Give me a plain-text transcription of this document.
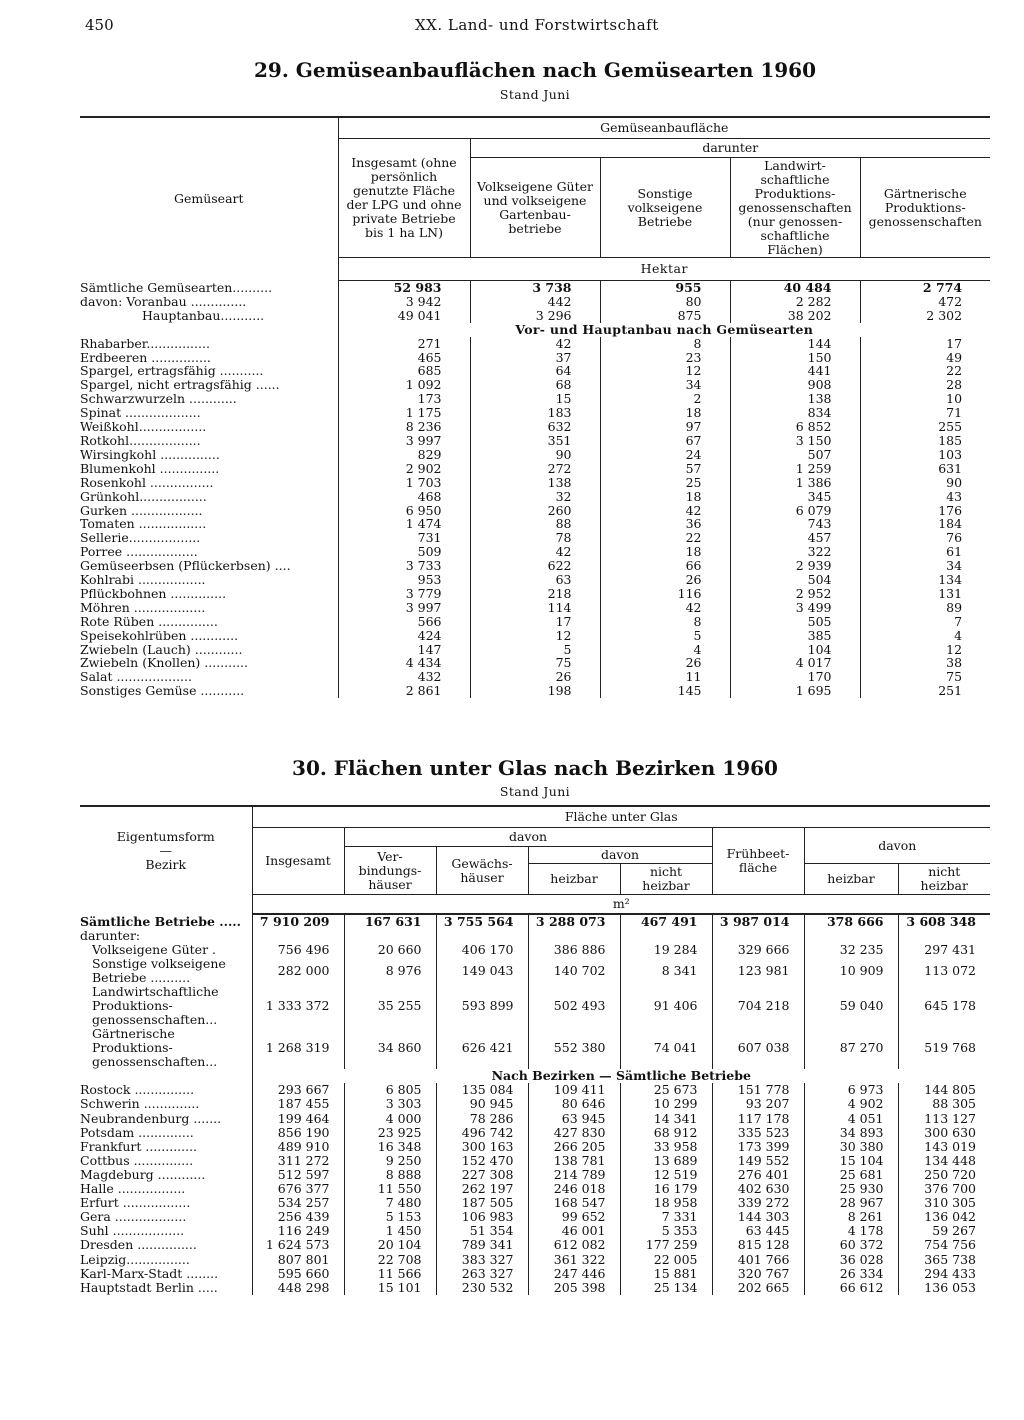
450	XX. Land- und Forstwirtschaft
29. Gemüseanbauflächen nach Gemüsearten 1960
Stand Juni
Gemüseart	Gemüseanbaufläche				
	Insgesamt (ohne persönlich genutzte Fläche der LPG und ohne private Betriebe bis 1 ha LN)	darunter			
		Volkseigene Güter und volkseigene Gartenbau-betriebe	Sonstige volkseigene Betriebe	Landwirt-schaftliche Produktions-genossenschaften (nur genossen-schaftliche Flächen)	Gärtnerische Produktions-genossenschaften
	Hektar				
Sämtliche Gemüsearten..........	52 983	3 738	955	40 484	2 774
davon: Voranbau ..............	3 942	442	80	2 282	472
Hauptanbau...........	49 041	3 296	875	38 202	2 302
	Vor- und Hauptanbau nach Gemüsearten				
Rhabarber................	271	42	8	144	17
Erdbeeren ...............	465	37	23	150	49
Spargel, ertragsfähig ...........	685	64	12	441	22
Spargel, nicht ertragsfähig ......	1 092	68	34	908	28
Schwarzwurzeln ............	173	15	2	138	10
Spinat ...................	1 175	183	18	834	71
Weißkohl.................	8 236	632	97	6 852	255
Rotkohl..................	3 997	351	67	3 150	185
Wirsingkohl ...............	829	90	24	507	103
Blumenkohl ...............	2 902	272	57	1 259	631
Rosenkohl ................	1 703	138	25	1 386	90
Grünkohl.................	468	32	18	345	43
Gurken ..................	6 950	260	42	6 079	176
Tomaten .................	1 474	88	36	743	184
Sellerie..................	731	78	22	457	76
Porree ..................	509	42	18	322	61
Gemüseerbsen (Pflückerbsen) ....	3 733	622	66	2 939	34
Kohlrabi .................	953	63	26	504	134
Pflückbohnen ..............	3 779	218	116	2 952	131
Möhren ..................	3 997	114	42	3 499	89
Rote Rüben ...............	566	17	8	505	7
Speisekohlrüben ............	424	12	5	385	4
Zwiebeln (Lauch) ............	147	5	4	104	12
Zwiebeln (Knollen) ...........	4 434	75	26	4 017	38
Salat ...................	432	26	11	170	75
Sonstiges Gemüse ...........	2 861	198	145	1 695	251
30. Flächen unter Glas nach Bezirken 1960
Stand Juni
Eigentumsform
—
Bezirk	Fläche unter Glas							
	Insgesamt	davon				Frühbeet-fläche	davon	
		Ver-bindungs-häuser	Gewächs-häuser	davon				
				heizbar	nicht heizbar		heizbar	nicht heizbar
	m²							
Sämtliche Betriebe .....	7 910 209	167 631	3 755 564	3 288 073	467 491	3 987 014	378 666	3 608 348
darunter:								
Volkseigene Güter .	756 496	20 660	406 170	386 886	19 284	329 666	32 235	297 431
Sonstige volkseigene Betriebe ..........	282 000	8 976	149 043	140 702	8 341	123 981	10 909	113 072
Landwirtschaftliche Produktions-genossenschaften...	1 333 372	35 255	593 899	502 493	91 406	704 218	59 040	645 178
Gärtnerische Produktions-genossenschaften...	1 268 319	34 860	626 421	552 380	74 041	607 038	87 270	519 768
	Nach Bezirken — Sämtliche Betriebe							
Rostock ...............	293 667	6 805	135 084	109 411	25 673	151 778	6 973	144 805
Schwerin ..............	187 455	3 303	90 945	80 646	10 299	93 207	4 902	88 305
Neubrandenburg .......	199 464	4 000	78 286	63 945	14 341	117 178	4 051	113 127
Potsdam ..............	856 190	23 925	496 742	427 830	68 912	335 523	34 893	300 630
Frankfurt .............	489 910	16 348	300 163	266 205	33 958	173 399	30 380	143 019
Cottbus ...............	311 272	9 250	152 470	138 781	13 689	149 552	15 104	134 448
Magdeburg ............	512 597	8 888	227 308	214 789	12 519	276 401	25 681	250 720
Halle .................	676 377	11 550	262 197	246 018	16 179	402 630	25 930	376 700
Erfurt .................	534 257	7 480	187 505	168 547	18 958	339 272	28 967	310 305
Gera ..................	256 439	5 153	106 983	99 652	7 331	144 303	8 261	136 042
Suhl ..................	116 249	1 450	51 354	46 001	5 353	63 445	4 178	59 267
Dresden ...............	1 624 573	20 104	789 341	612 082	177 259	815 128	60 372	754 756
Leipzig................	807 801	22 708	383 327	361 322	22 005	401 766	36 028	365 738
Karl-Marx-Stadt ........	595 660	11 566	263 327	247 446	15 881	320 767	26 334	294 433
Hauptstadt Berlin .....	448 298	15 101	230 532	205 398	25 134	202 665	66 612	136 053
